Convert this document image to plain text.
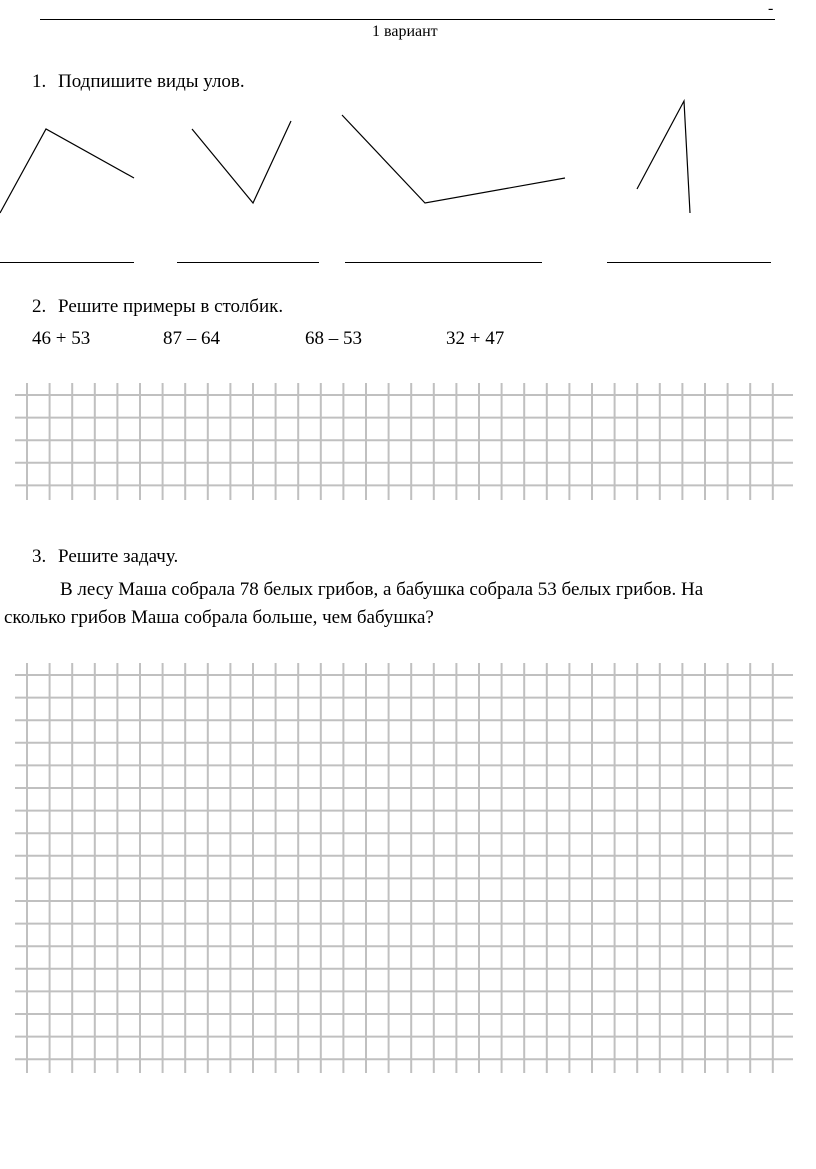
-
1 вариант
1. Подпишите виды улов.
2. Решите примеры в столбик.
46 + 53	87 – 64	68 – 53	32 + 47
3. Решите задачу.
В лесу Маша собрала 78 белых грибов, а бабушка собрала 53 белых грибов. На
сколько грибов Маша собрала больше, чем бабушка?
